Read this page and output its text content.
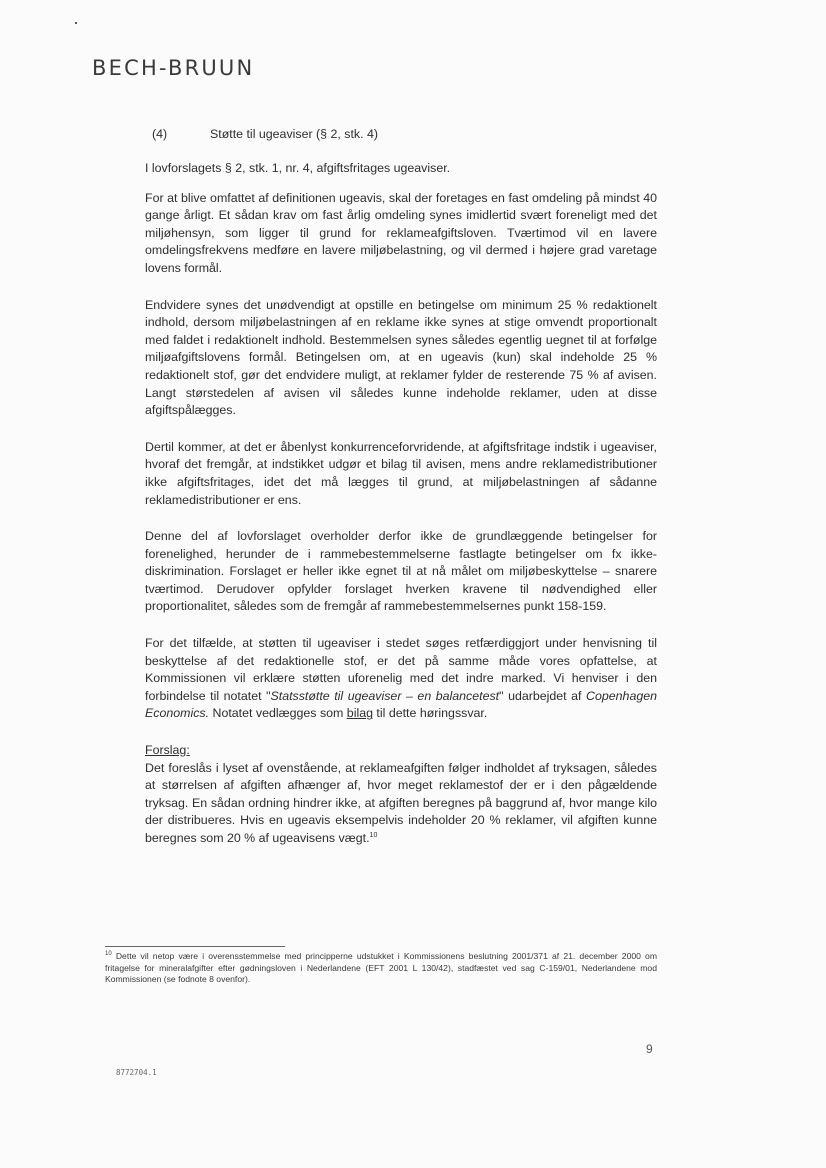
BECH-BRUUN
(4)	Støtte til ugeaviser (§ 2, stk. 4)

I lovforslagets § 2, stk. 1, nr. 4, afgiftsfritages ugeaviser.

For at blive omfattet af definitionen ugeavis, skal der foretages en fast omdeling på mindst 40 gange årligt. Et sådan krav om fast årlig omdeling synes imidlertid svært foreneligt med det miljøhensyn, som ligger til grund for reklameafgiftsloven. Tværtimod vil en lavere omdelingsfrekvens medføre en lavere miljøbelastning, og vil dermed i højere grad varetage lovens formål.

Endvidere synes det unødvendigt at opstille en betingelse om minimum 25 % redaktionelt indhold, dersom miljøbelastningen af en reklame ikke synes at stige omvendt proportionalt med faldet i redaktionelt indhold. Bestemmelsen synes således egentlig uegnet til at forfølge miljøafgiftslovens formål. Betingelsen om, at en ugeavis (kun) skal indeholde 25 % redaktionelt stof, gør det endvidere muligt, at reklamer fylder de resterende 75 % af avisen. Langt størstedelen af avisen vil således kunne indeholde reklamer, uden at disse afgiftspålægges.

Dertil kommer, at det er åbenlyst konkurrenceforvridende, at afgiftsfritage indstik i ugeaviser, hvoraf det fremgår, at indstikket udgør et bilag til avisen, mens andre reklamedistributioner ikke afgiftsfritages, idet det må lægges til grund, at miljøbelastningen af sådanne reklamedistributioner er ens.

Denne del af lovforslaget overholder derfor ikke de grundlæggende betingelser for forenelighed, herunder de i rammebestemmelserne fastlagte betingelser om fx ikke-diskrimination. Forslaget er heller ikke egnet til at nå målet om miljøbeskyttelse – snarere tværtimod. Derudover opfylder forslaget hverken kravene til nødvendighed eller proportionalitet, således som de fremgår af rammebestemmelsernes punkt 158-159.

For det tilfælde, at støtten til ugeaviser i stedet søges retfærdiggjort under henvisning til beskyttelse af det redaktionelle stof, er det på samme måde vores opfattelse, at Kommissionen vil erklære støtten uforenelig med det indre marked. Vi henviser i den forbindelse til notatet "Statsstøtte til ugeaviser – en balancetest" udarbejdet af Copenhagen Economics. Notatet vedlægges som bilag til dette høringssvar.

Forslag:

Det foreslås i lyset af ovenstående, at reklameafgiften følger indholdet af tryksagen, således at størrelsen af afgiften afhænger af, hvor meget reklamestof der er i den pågældende tryksag. En sådan ordning hindrer ikke, at afgiften beregnes på baggrund af, hvor mange kilo der distribueres. Hvis en ugeavis eksempelvis indeholder 20 % reklamer, vil afgiften kunne beregnes som 20 % af ugeavisens vægt.$^{10}$

$^{10}$ Dette vil netop være i overensstemmelse med principperne udstukket i Kommissionens beslutning 2001/371 af 21. december 2000 om fritagelse for mineralafgifter efter gødningsloven i Nederlandene (EFT 2001 L 130/42), stadfæstet ved sag C-159/01, Nederlandene mod Kommissionen (se fodnote 8 ovenfor).
9
8772704.1
